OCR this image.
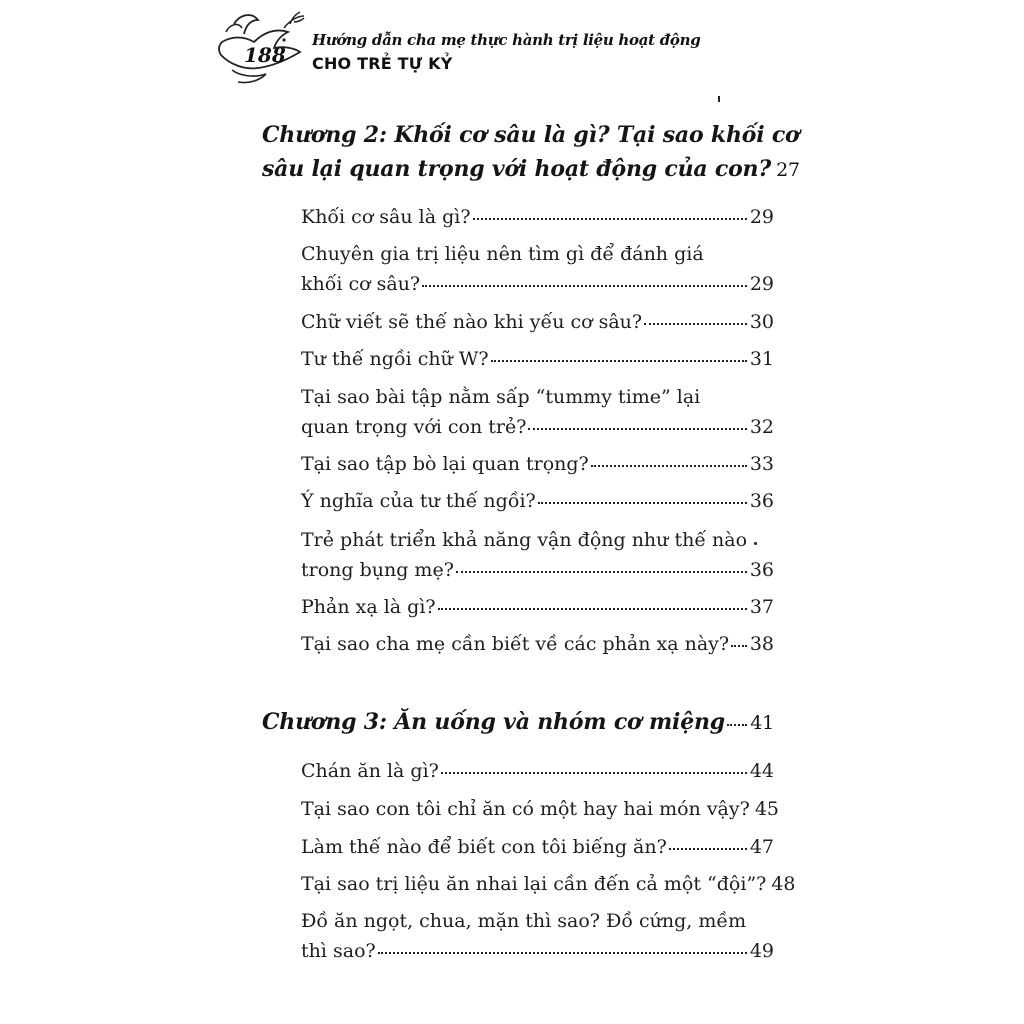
188
Hướng dẫn cha mẹ thực hành trị liệu hoạt động
CHO TRẺ TỰ KỶ
Chương 2: Khối cơ sâu là gì? Tại sao khối cơ
sâu lại quan trọng với hoạt động của con? 27
Khối cơ sâu là gì?	29
Chuyên gia trị liệu nên tìm gì để đánh giá
khối cơ sâu?	29
Chữ viết sẽ thế nào khi yếu cơ sâu?	30
Tư thế ngồi chữ W?	31
Tại sao bài tập nằm sấp “tummy time” lại
quan trọng với con trẻ?	32
Tại sao tập bò lại quan trọng?	33
Ý nghĩa của tư thế ngồi?	36
Trẻ phát triển khả năng vận động như thế nào
trong bụng mẹ?	36
Phản xạ là gì?	37
Tại sao cha mẹ cần biết về các phản xạ này? 38
Chương 3: Ăn uống và nhóm cơ miệng 41
Chán ăn là gì?	44
Tại sao con tôi chỉ ăn có một hay hai món vậy? 45
Làm thế nào để biết con tôi biếng ăn?	47
Tại sao trị liệu ăn nhai lại cần đến cả một “đội”? 48
Đồ ăn ngọt, chua, mặn thì sao? Đồ cứng, mềm
thì sao?	49
